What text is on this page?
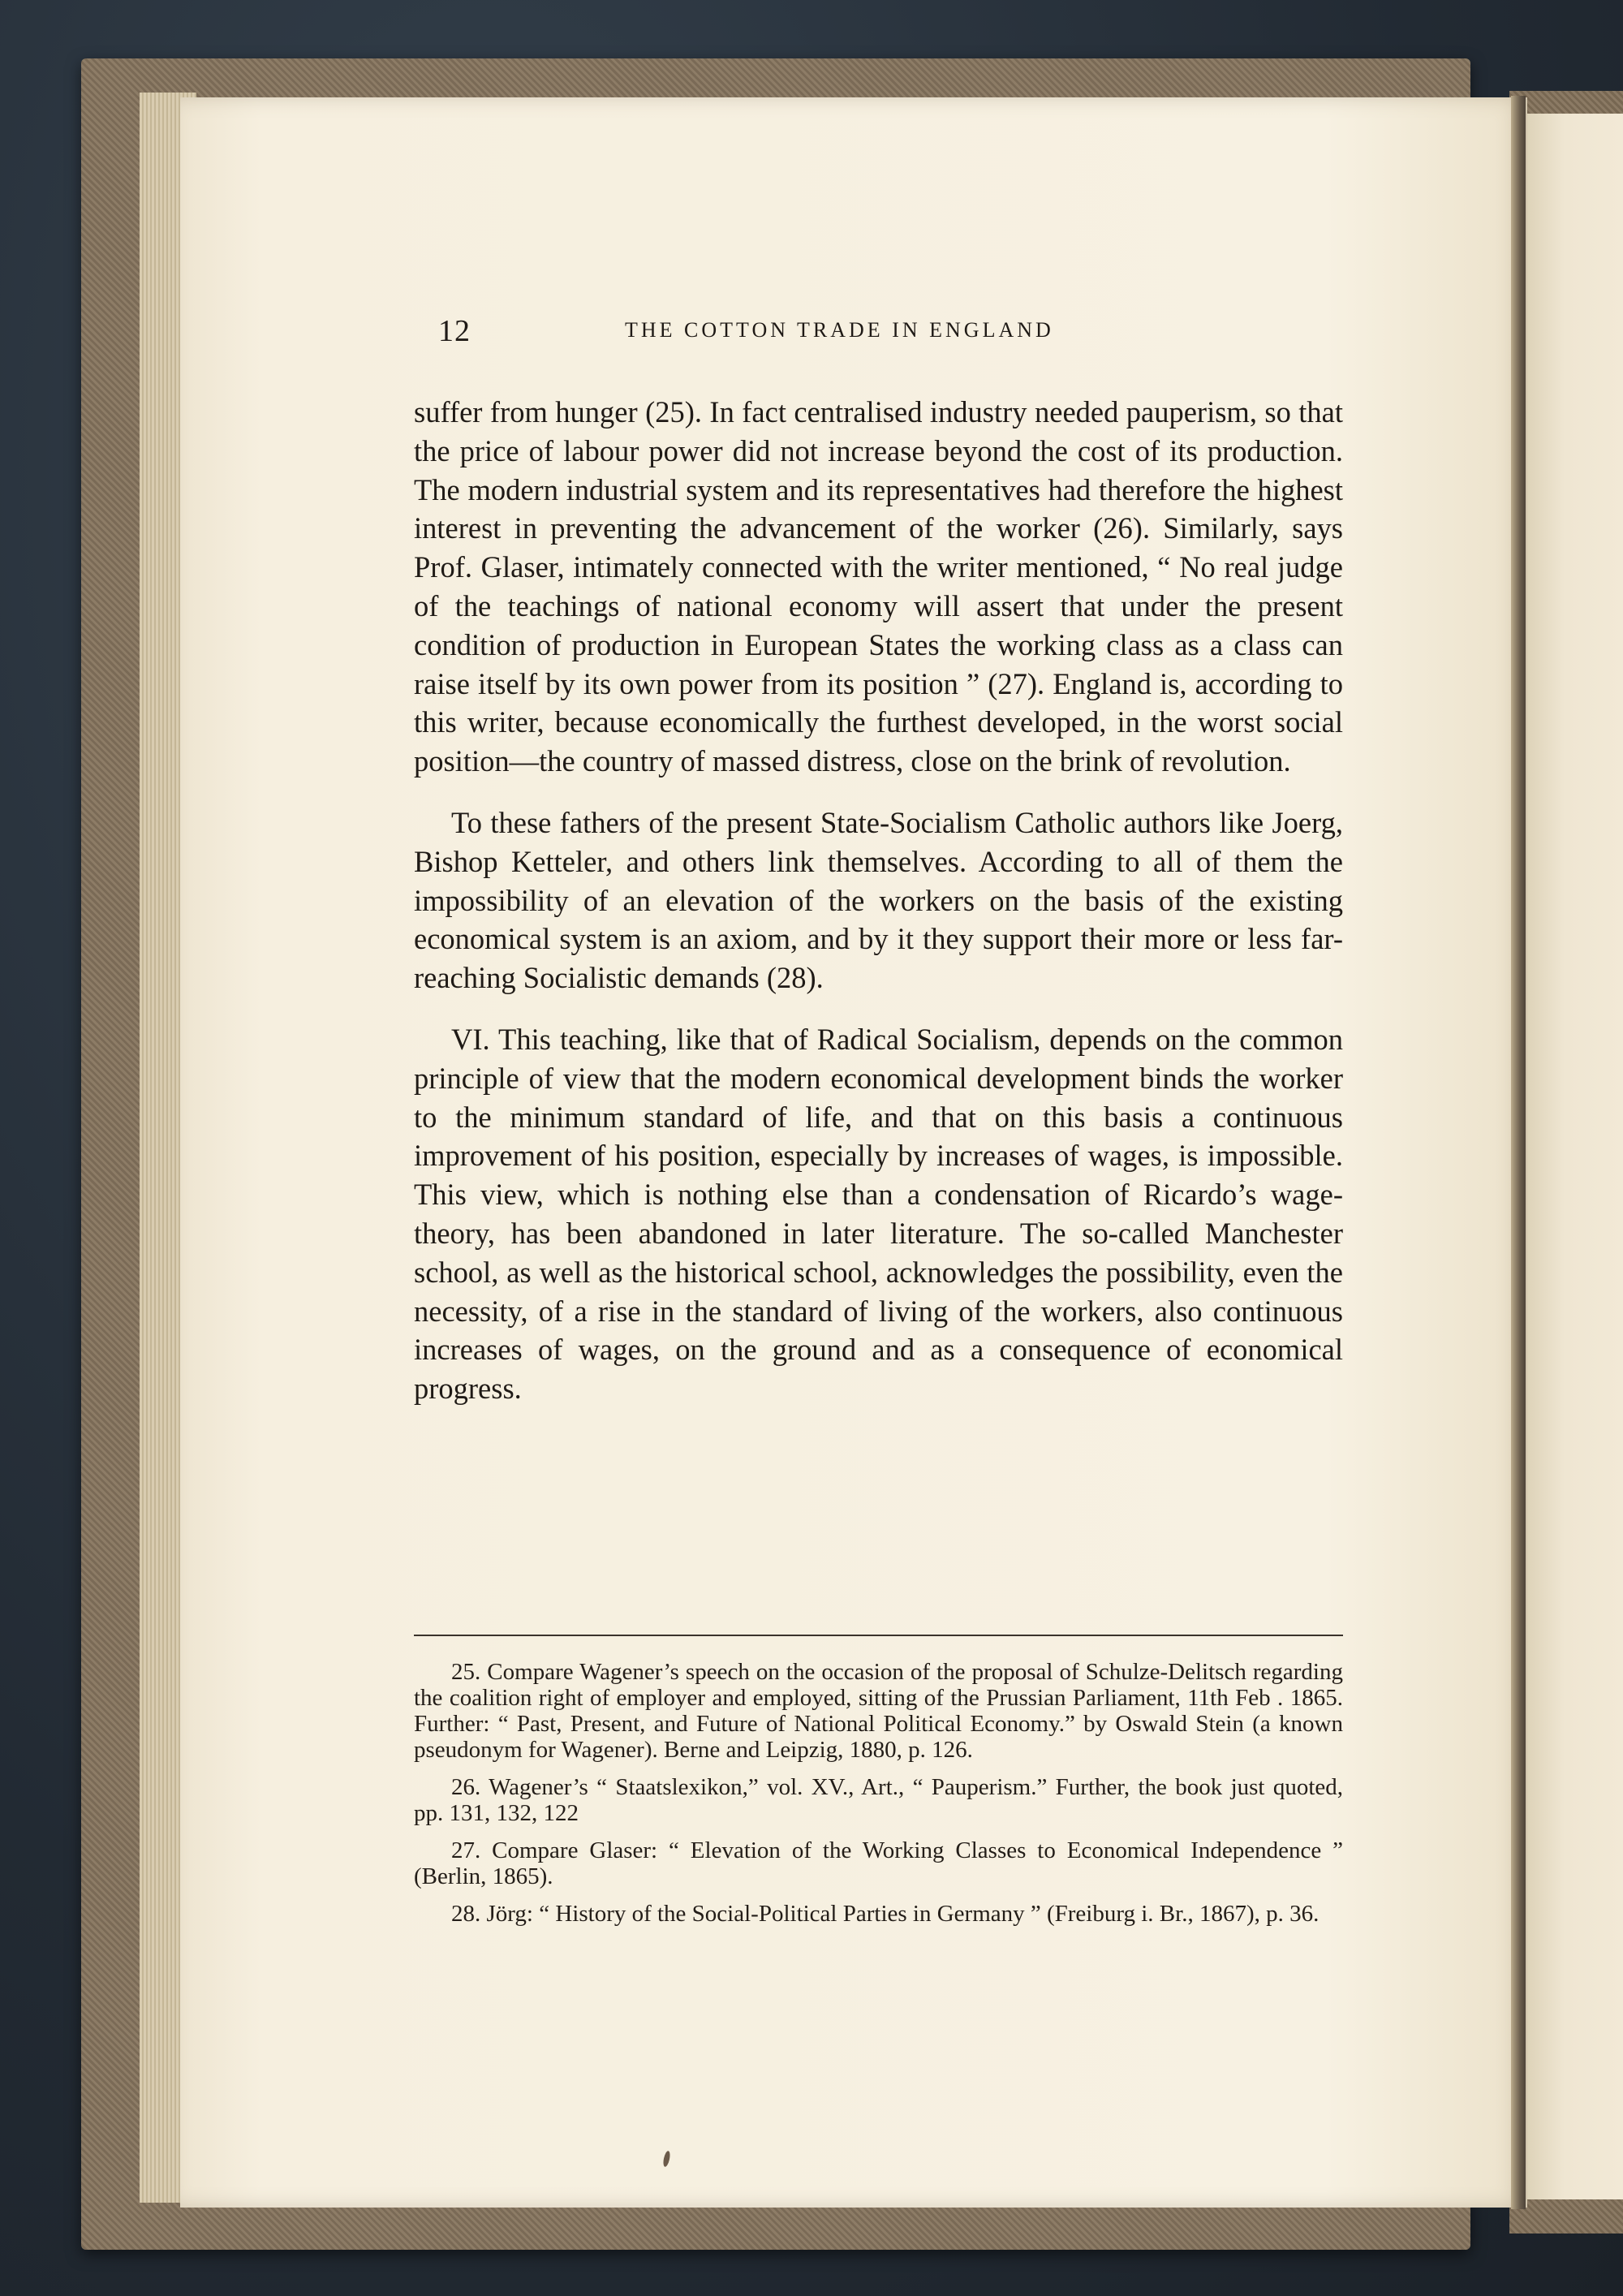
12	THE COTTON TRADE IN ENGLAND

suffer from hunger (25). In fact centralised industry needed pauperism, so that the price of labour power did not increase beyond the cost of its production. The modern industrial system and its representatives had therefore the highest interest in preventing the advancement of the worker (26). Similarly, says Prof. Glaser, intimately connected with the writer mentioned, “ No real judge of the teachings of national economy will assert that under the present condition of production in European States the working class as a class can raise itself by its own power from its position ” (27). England is, according to this writer, because economically the furthest developed, in the worst social position—the country of massed distress, close on the brink of revolution.

To these fathers of the present State-Socialism Catholic authors like Joerg, Bishop Ketteler, and others link themselves. According to all of them the impossibility of an elevation of the workers on the basis of the existing economical system is an axiom, and by it they support their more or less far-reaching Socialistic demands (28).

VI. This teaching, like that of Radical Socialism, depends on the common principle of view that the modern economical development binds the worker to the minimum standard of life, and that on this basis a continuous improvement of his position, especially by increases of wages, is impossible. This view, which is nothing else than a condensation of Ricardo’s wage-theory, has been abandoned in later literature. The so-called Manchester school, as well as the historical school, acknowledges the possibility, even the necessity, of a rise in the standard of living of the workers, also continuous increases of wages, on the ground and as a consequence of economical progress.

25. Compare Wagener’s speech on the occasion of the proposal of Schulze-Delitsch regarding the coalition right of employer and employed, sitting of the Prussian Parliament, 11th Feb . 1865. Further: “ Past, Present, and Future of National Political Economy.” by Oswald Stein (a known pseudonym for Wagener). Berne and Leipzig, 1880, p. 126.

26. Wagener’s “ Staatslexikon,” vol. XV., Art., “ Pauperism.” Further, the book just quoted, pp. 131, 132, 122

27. Compare Glaser: “ Elevation of the Working Classes to Economical Independence ” (Berlin, 1865).

28. Jörg: “ History of the Social-Political Parties in Germany ” (Freiburg i. Br., 1867), p. 36.
